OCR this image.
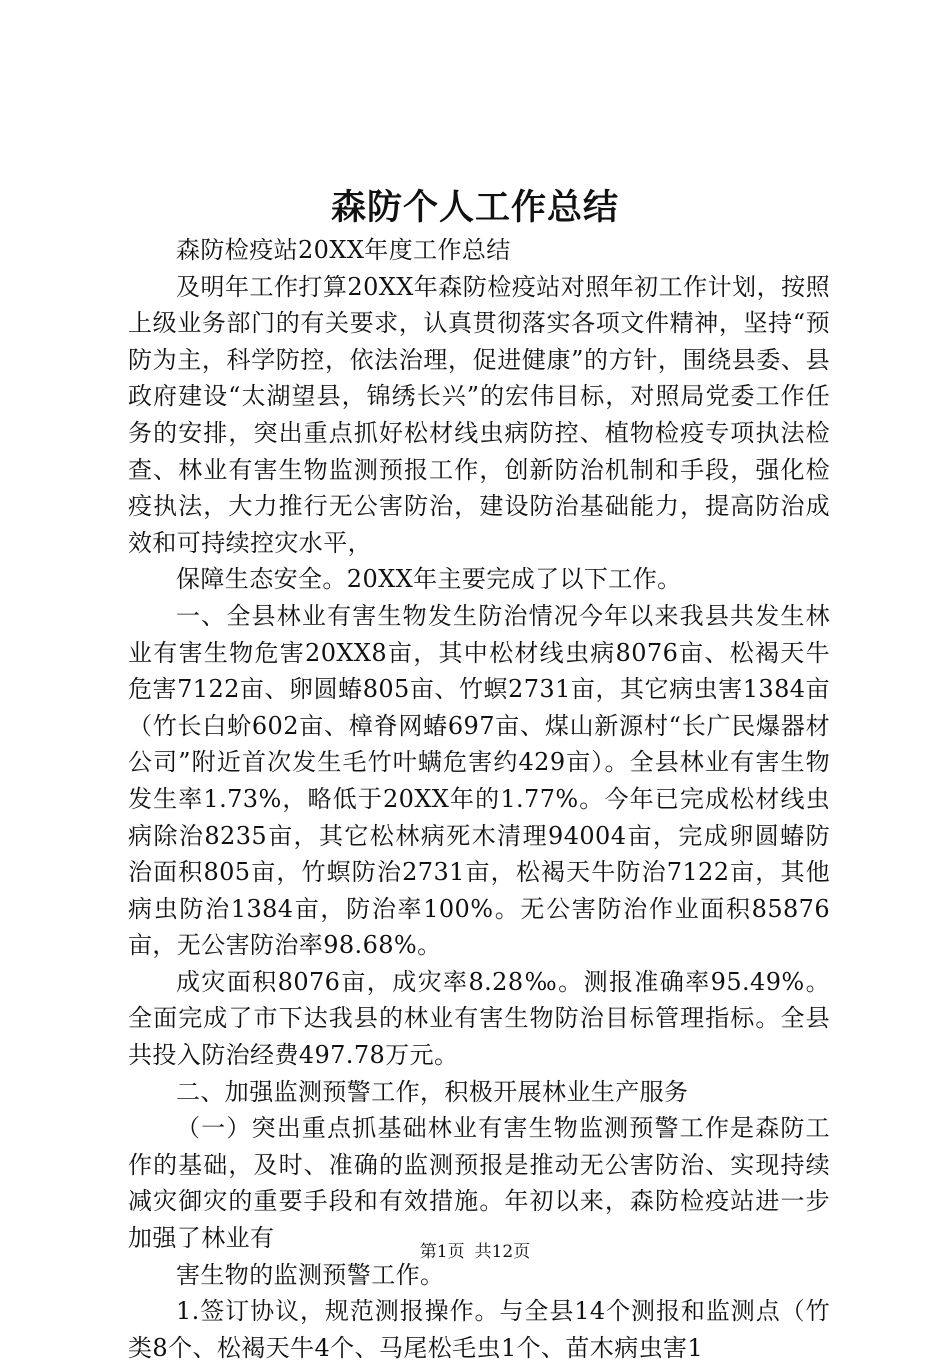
森防个人工作总结

森防检疫站20XX年度工作总结

及明年工作打算20XX年森防检疫站对照年初工作计划，按照上级业务部门的有关要求，认真贯彻落实各项文件精神，坚持“预防为主，科学防控，依法治理，促进健康”的方针，围绕县委、县政府建设“太湖望县，锦绣长兴”的宏伟目标，对照局党委工作任务的安排，突出重点抓好松材线虫病防控、植物检疫专项执法检查、林业有害生物监测预报工作，创新防治机制和手段，强化检疫执法，大力推行无公害防治，建设防治基础能力，提高防治成效和可持续控灾水平，

保障生态安全。20XX年主要完成了以下工作。

一、全县林业有害生物发生防治情况今年以来我县共发生林业有害生物危害20XX8亩，其中松材线虫病8076亩、松褐天牛危害7122亩、卵圆蝽805亩、竹螟2731亩，其它病虫害1384亩（竹长白蚧602亩、樟脊网蝽697亩、煤山新源村“长广民爆器材公司”附近首次发生毛竹叶螨危害约429亩）。全县林业有害生物发生率1.73%，略低于20XX年的1.77%。今年已完成松材线虫病除治8235亩，其它松林病死木清理94004亩，完成卵圆蝽防治面积805亩，竹螟防治2731亩，松褐天牛防治7122亩，其他病虫防治1384亩，防治率100%。无公害防治作业面积85876亩，无公害防治率98.68%。

成灾面积8076亩，成灾率8.28‰。测报准确率95.49%。全面完成了市下达我县的林业有害生物防治目标管理指标。全县共投入防治经费497.78万元。

二、加强监测预警工作，积极开展林业生产服务

（一）突出重点抓基础林业有害生物监测预警工作是森防工作的基础，及时、准确的监测预报是推动无公害防治、实现持续减灾御灾的重要手段和有效措施。年初以来，森防检疫站进一步加强了林业有

害生物的监测预警工作。

1.签订协议，规范测报操作。与全县14个测报和监测点（竹类8个、松褐天牛4个、马尾松毛虫1个、苗木病虫害1

第1页 共12页
